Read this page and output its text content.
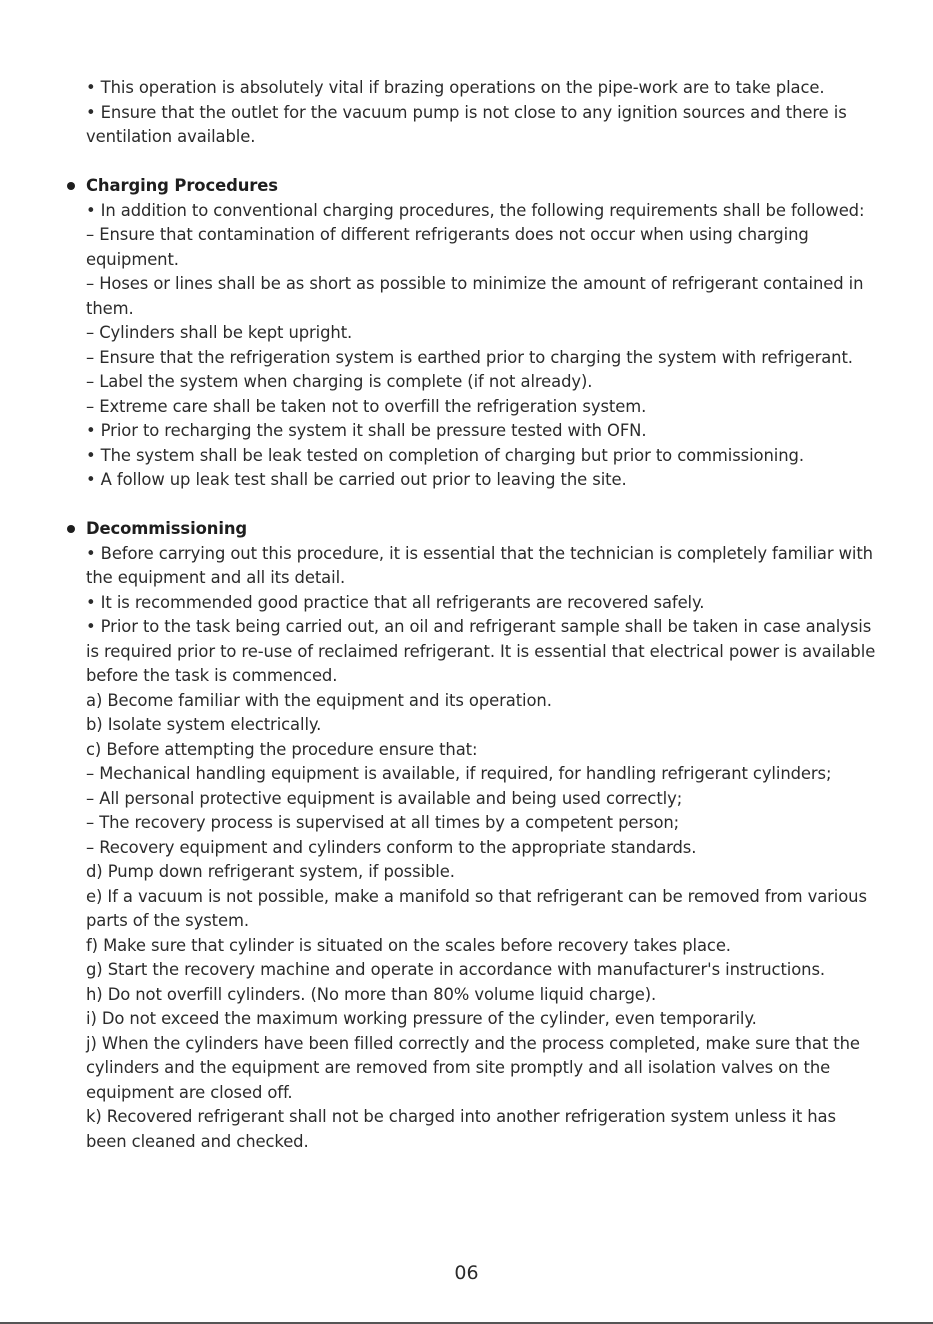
• This operation is absolutely vital if brazing operations on the pipe-work are to take place.

• Ensure that the outlet for the vacuum pump is not close to any ignition sources and there is ventilation available.

Charging Procedures

• In addition to conventional charging procedures, the following requirements shall be followed:

– Ensure that contamination of different refrigerants does not occur when using charging equipment.

– Hoses or lines shall be as short as possible to minimize the amount of refrigerant contained in them.

– Cylinders shall be kept upright.

– Ensure that the refrigeration system is earthed prior to charging the system with refrigerant.

– Label the system when charging is complete (if not already).

– Extreme care shall be taken not to overfill the refrigeration system.

• Prior to recharging the system it shall be pressure tested with OFN.

• The system shall be leak tested on completion of charging but prior to commissioning.

• A follow up leak test shall be carried out prior to leaving the site.

Decommissioning

• Before carrying out this procedure, it is essential that the technician is completely familiar with the equipment and all its detail.

• It is recommended good practice that all refrigerants are recovered safely.

• Prior to the task being carried out, an oil and refrigerant sample shall be taken in case analysis is required prior to re-use of reclaimed refrigerant. It is essential that electrical power is available before the task is commenced.

a) Become familiar with the equipment and its operation.

b) Isolate system electrically.

c) Before attempting the procedure ensure that:

– Mechanical handling equipment is available, if required, for handling refrigerant cylinders;

– All personal protective equipment is available and being used correctly;

– The recovery process is supervised at all times by a competent person;

– Recovery equipment and cylinders conform to the appropriate standards.

d) Pump down refrigerant system, if possible.

e) If a vacuum is not possible, make a manifold so that refrigerant can be removed from various parts of the system.

f) Make sure that cylinder is situated on the scales before recovery takes place.

g) Start the recovery machine and operate in accordance with manufacturer's instructions.

h) Do not overfill cylinders. (No more than 80% volume liquid charge).

i) Do not exceed the maximum working pressure of the cylinder, even temporarily.

j) When the cylinders have been filled correctly and the process completed, make sure that the cylinders and the equipment are removed from site promptly and all isolation valves on the equipment are closed off.

k) Recovered refrigerant shall not be charged into another refrigeration system unless it has been cleaned and checked.

06
